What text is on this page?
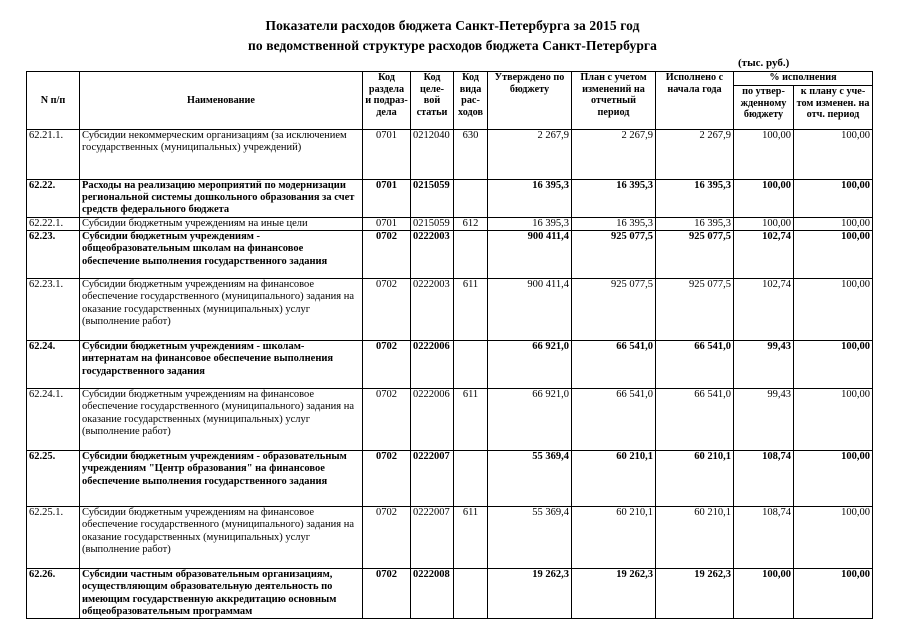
Показатели расходов бюджета Санкт-Петербурга за 2015 год
по ведомственной структуре расходов бюджета Санкт-Петербурга
(тыс. руб.)
N п/п	Наименование	Код раздела и подраз-дела	Код целе-вой статьи	Код вида рас-ходов	Утверждено по бюджету	План с учетом изменений на отчетный период	Исполнено с начала года	% исполнения	
								по утвер-жденному бюджету	к плану с уче-том изменен. на отч. период
62.21.1.	Субсидии некоммерческим организациям (за исключением государственных (муниципальных) учреждений)	0701	0212040	630	2 267,9	2 267,9	2 267,9	100,00	100,00
62.22.	Расходы на реализацию мероприятий по модернизации региональной системы дошкольного образования за счет средств федерального бюджета	0701	0215059		16 395,3	16 395,3	16 395,3	100,00	100,00
62.22.1.	Субсидии бюджетным учреждениям на иные цели	0701	0215059	612	16 395,3	16 395,3	16 395,3	100,00	100,00
62.23.	Субсидии бюджетным учреждениям - общеобразовательным школам на финансовое обеспечение выполнения государственного задания	0702	0222003		900 411,4	925 077,5	925 077,5	102,74	100,00
62.23.1.	Субсидии бюджетным учреждениям на финансовое обеспечение государственного (муниципального) задания на оказание государственных (муниципальных) услуг (выполнение работ)	0702	0222003	611	900 411,4	925 077,5	925 077,5	102,74	100,00
62.24.	Субсидии бюджетным учреждениям - школам-интернатам на финансовое обеспечение выполнения государственного задания	0702	0222006		66 921,0	66 541,0	66 541,0	99,43	100,00
62.24.1.	Субсидии бюджетным учреждениям на финансовое обеспечение государственного (муниципального) задания на оказание государственных (муниципальных) услуг (выполнение работ)	0702	0222006	611	66 921,0	66 541,0	66 541,0	99,43	100,00
62.25.	Субсидии бюджетным учреждениям - образовательным учреждениям "Центр образования" на финансовое обеспечение выполнения государственного задания	0702	0222007		55 369,4	60 210,1	60 210,1	108,74	100,00
62.25.1.	Субсидии бюджетным учреждениям на финансовое обеспечение государственного (муниципального) задания на оказание государственных (муниципальных) услуг (выполнение работ)	0702	0222007	611	55 369,4	60 210,1	60 210,1	108,74	100,00
62.26.	Субсидии частным образовательным организациям, осуществляющим образовательную деятельность по имеющим государственную аккредитацию основным общеобразовательным программам	0702	0222008		19 262,3	19 262,3	19 262,3	100,00	100,00
